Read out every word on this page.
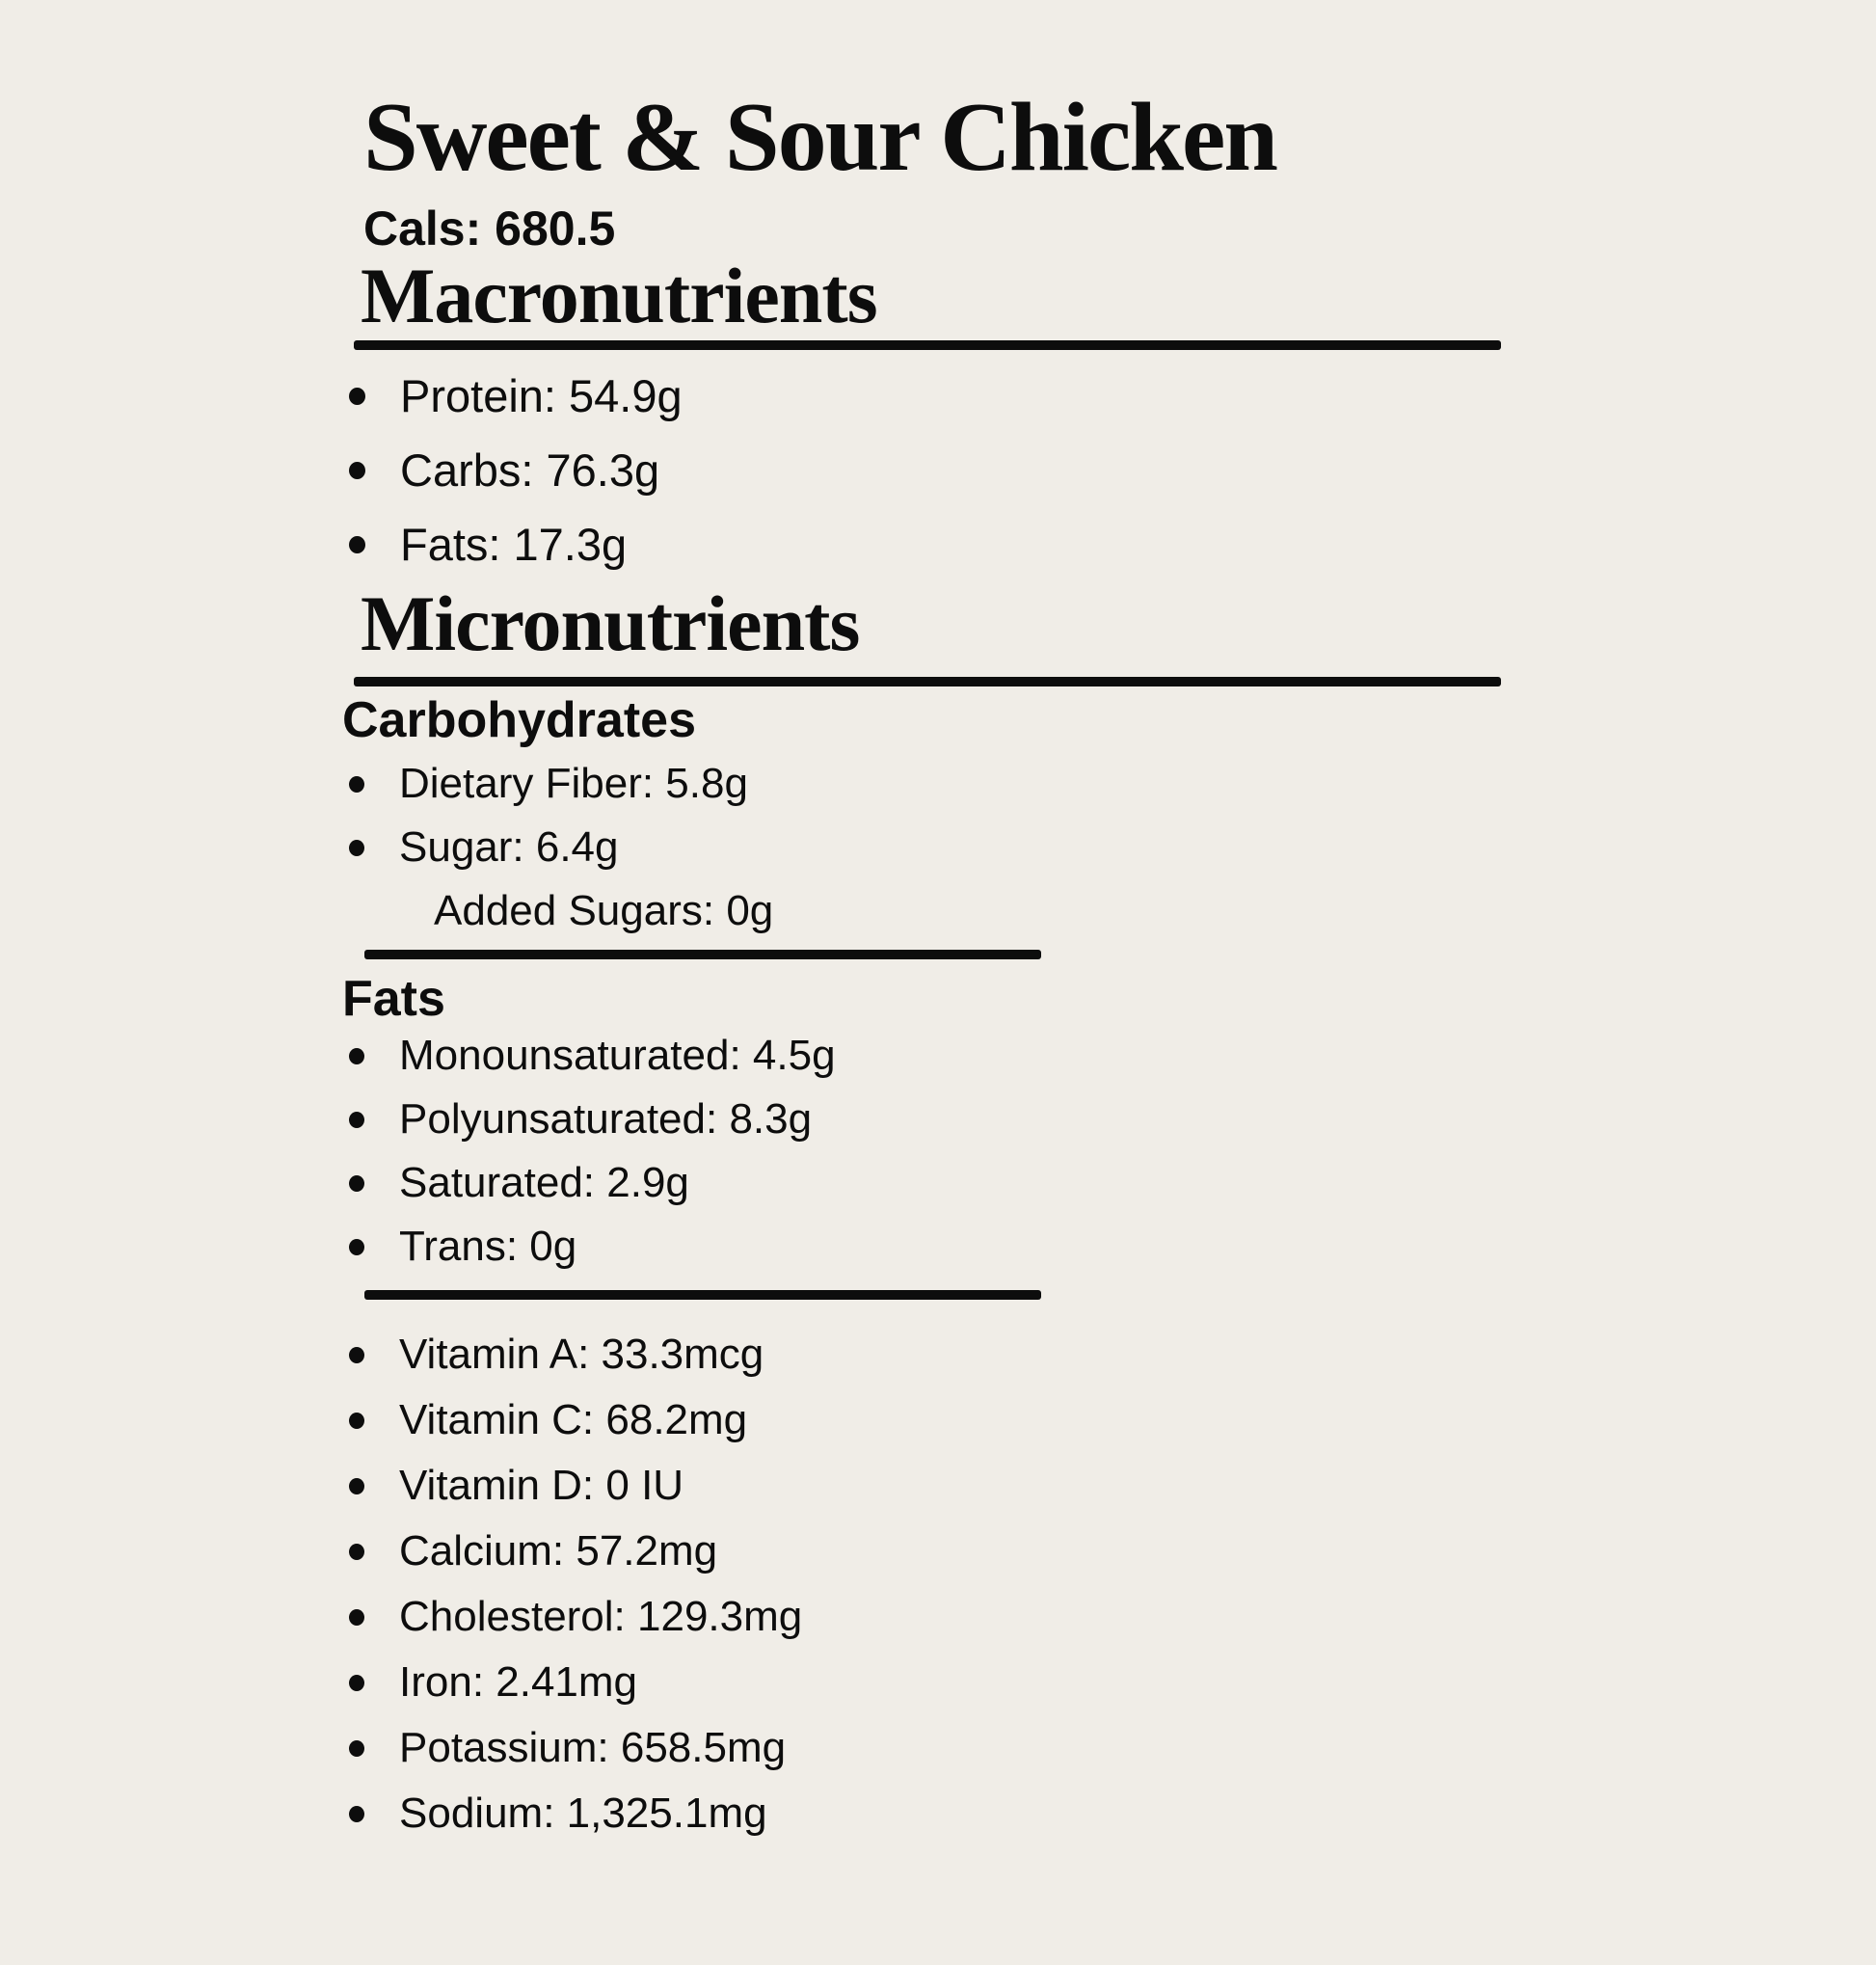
Sweet & Sour Chicken
Cals: 680.5
Macronutrients
Protein: 54.9g
Carbs: 76.3g
Fats: 17.3g
Micronutrients
Carbohydrates
Dietary Fiber: 5.8g
Sugar: 6.4g
Added Sugars: 0g
Fats
Monounsaturated: 4.5g
Polyunsaturated: 8.3g
Saturated: 2.9g
Trans: 0g
Vitamin A: 33.3mcg
Vitamin C: 68.2mg
Vitamin D: 0 IU
Calcium: 57.2mg
Cholesterol: 129.3mg
Iron: 2.41mg
Potassium: 658.5mg
Sodium: 1,325.1mg
